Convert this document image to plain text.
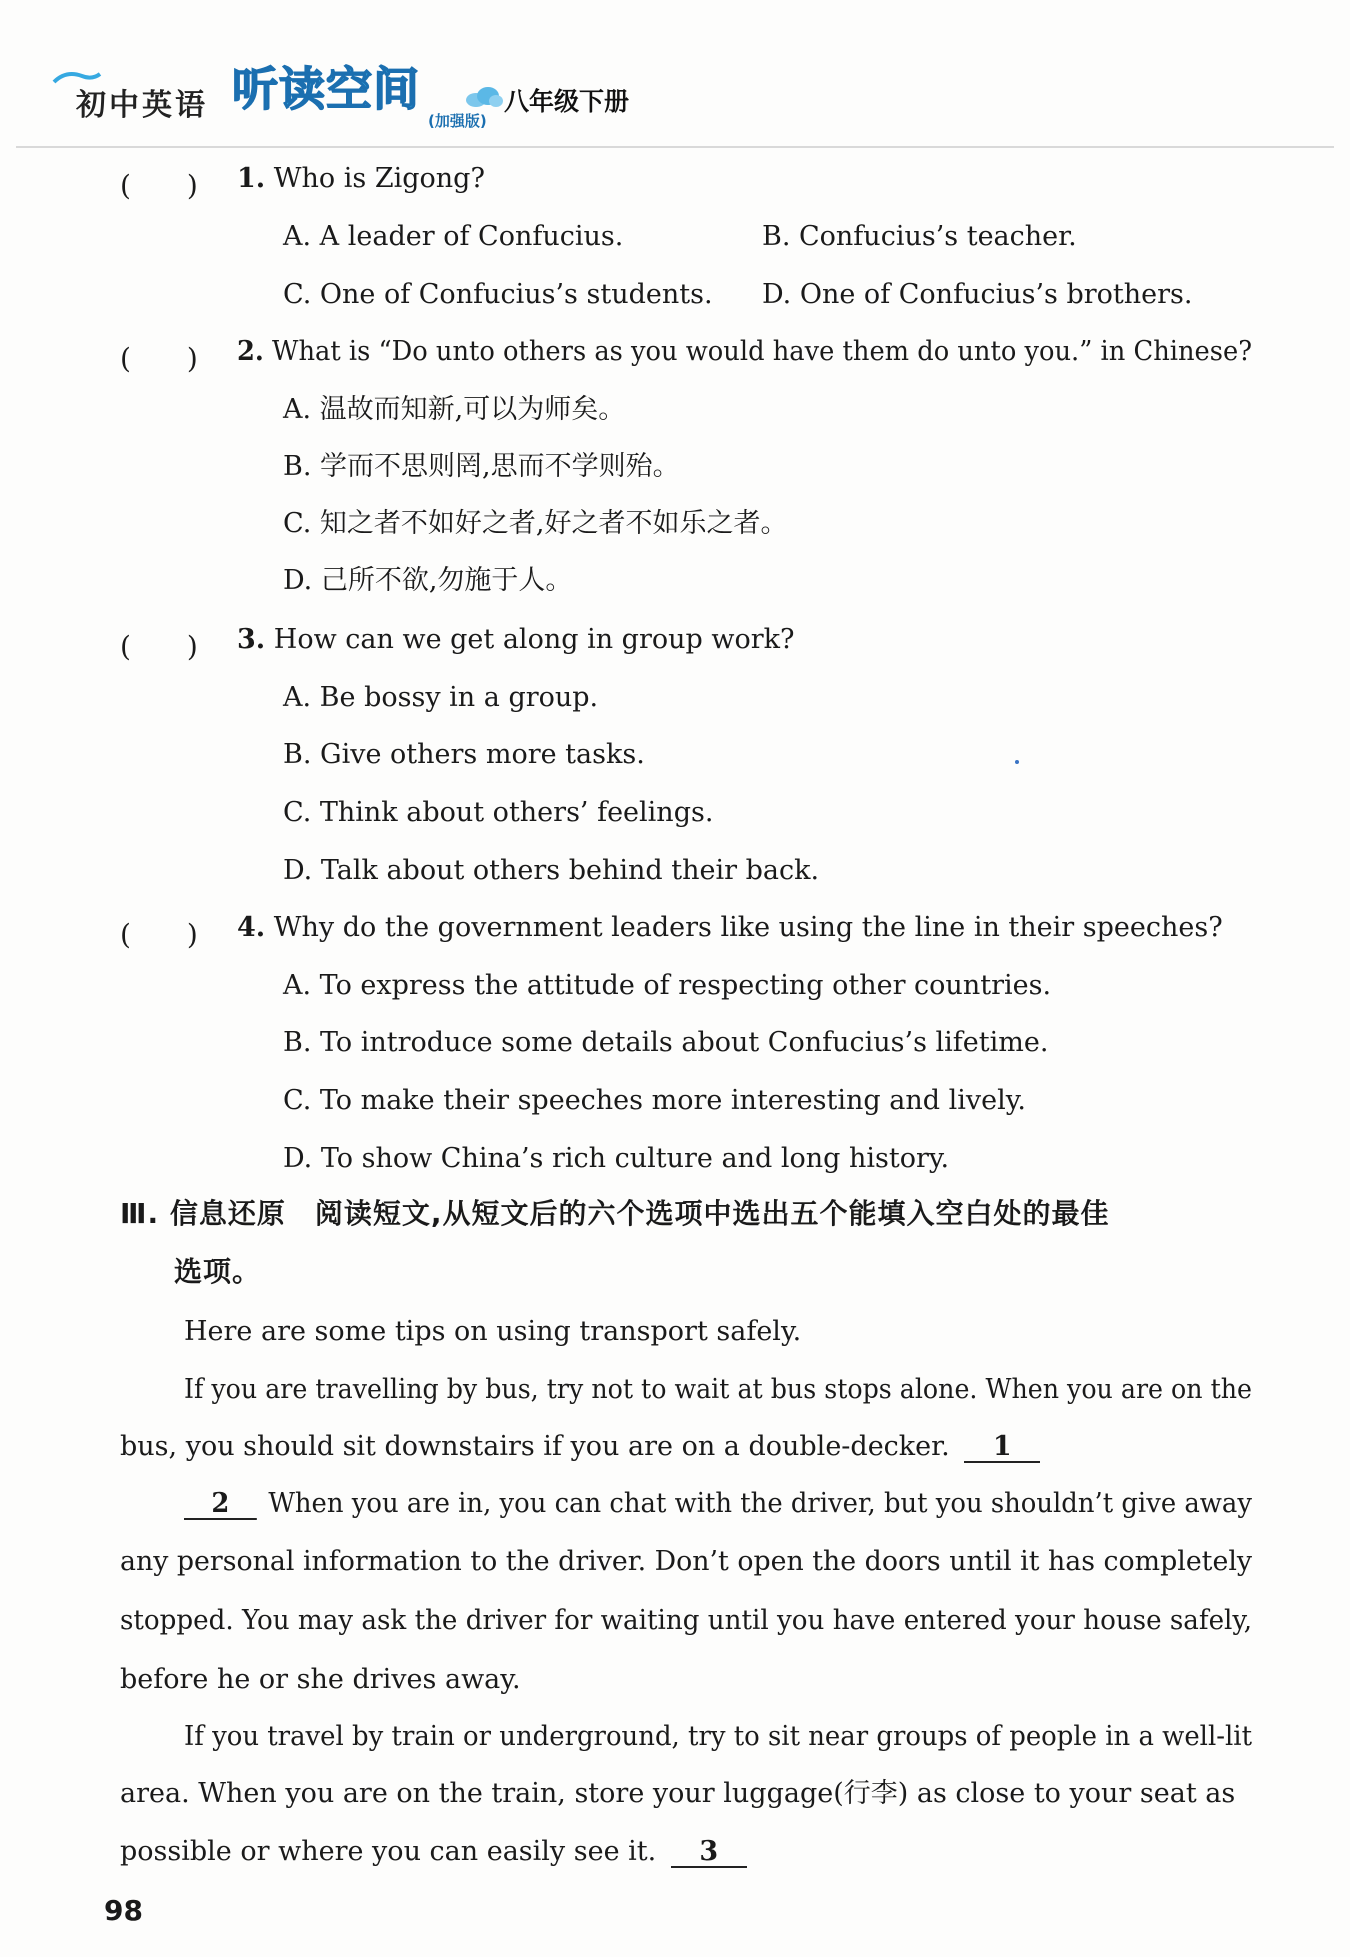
初中英语 听读空间
(加强版)
八年级下册
(　　) 1. Who is Zigong?
A. A leader of Confucius.	B. Confucius’s teacher.
C. One of Confucius’s students. D. One of Confucius’s brothers.
(　　) 2. What is “Do unto others as you would have them do unto you.” in Chinese?
A. 温故而知新,可以为师矣。
B. 学而不思则罔,思而不学则殆。
C. 知之者不如好之者,好之者不如乐之者。
D. 己所不欲,勿施于人。
(　　) 3. How can we get along in group work?
A. Be bossy in a group.
B. Give others more tasks.
C. Think about others’ feelings.
D. Talk about others behind their back.
(　　) 4. Why do the government leaders like using the line in their speeches?
A. To express the attitude of respecting other countries.
B. To introduce some details about Confucius’s lifetime.
C. To make their speeches more interesting and lively.
D. To show China’s rich culture and long history.
Ⅲ. 信息还原　阅读短文,从短文后的六个选项中选出五个能填入空白处的最佳
选项。
Here are some tips on using transport safely.
If you are travelling by bus, try not to wait at bus stops alone. When you are on the
bus, you should sit downstairs if you are on a double-decker. 1
2 When you are in, you can chat with the driver, but you shouldn’t give away
any personal information to the driver. Don’t open the doors until it has completely
stopped. You may ask the driver for waiting until you have entered your house safely,
before he or she drives away.
If you travel by train or underground, try to sit near groups of people in a well-lit
area. When you are on the train, store your luggage(行李) as close to your seat as
possible or where you can easily see it. 3
98
